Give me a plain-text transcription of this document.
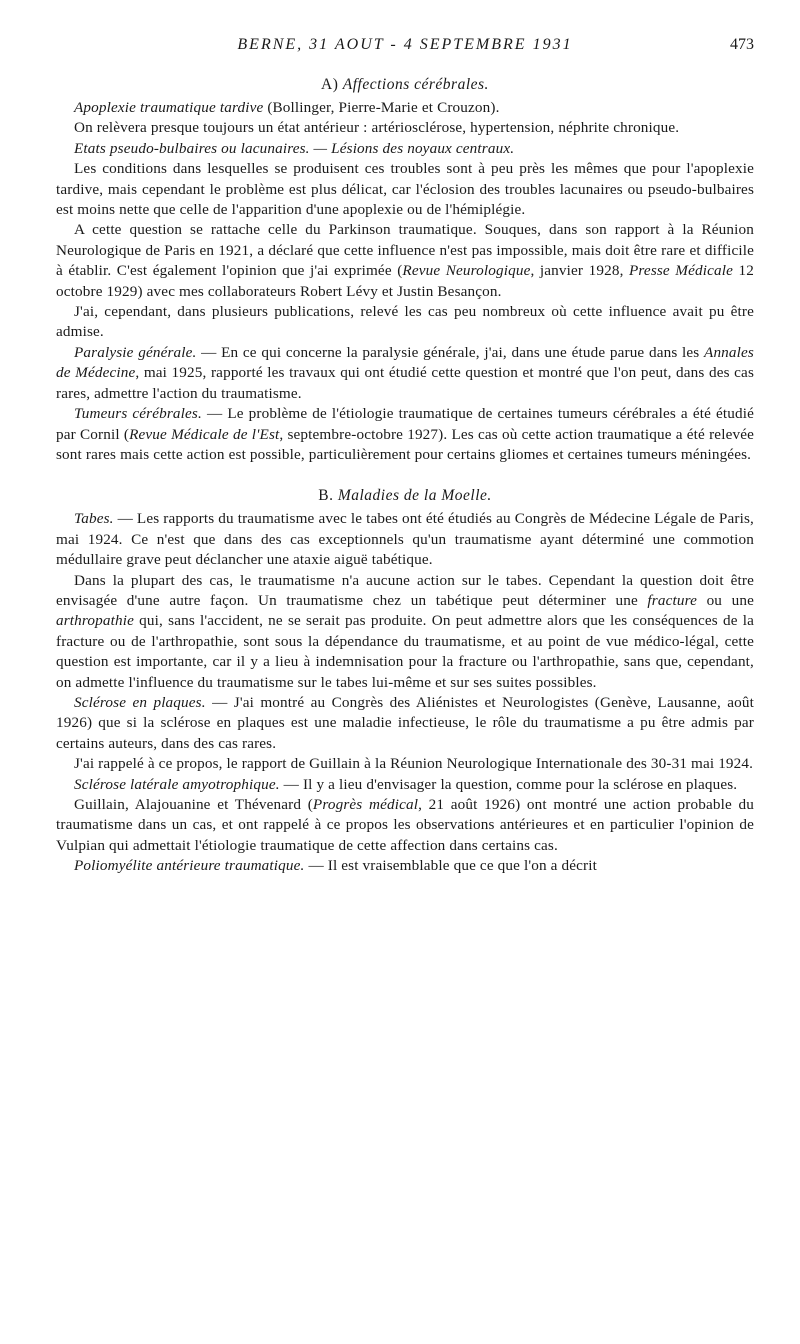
BERNE, 31 AOUT - 4 SEPTEMBRE 1931	473
A) Affections cérébrales.

Apoplexie traumatique tardive (Bollinger, Pierre-Marie et Crouzon).

On relèvera presque toujours un état antérieur : artériosclérose, hypertension, néphrite chronique.

Etats pseudo-bulbaires ou lacunaires. — Lésions des noyaux centraux.

Les conditions dans lesquelles se produisent ces troubles sont à peu près les mêmes que pour l'apoplexie tardive, mais cependant le problème est plus délicat, car l'éclosion des troubles lacunaires ou pseudo-bulbaires est moins nette que celle de l'apparition d'une apoplexie ou de l'hémiplégie.

A cette question se rattache celle du Parkinson traumatique. Souques, dans son rapport à la Réunion Neurologique de Paris en 1921, a déclaré que cette influence n'est pas impossible, mais doit être rare et difficile à établir. C'est également l'opinion que j'ai exprimée (Revue Neurologique, janvier 1928, Presse Médicale 12 octobre 1929) avec mes collaborateurs Robert Lévy et Justin Besançon.

J'ai, cependant, dans plusieurs publications, relevé les cas peu nombreux où cette influence avait pu être admise.

Paralysie générale. — En ce qui concerne la paralysie générale, j'ai, dans une étude parue dans les Annales de Médecine, mai 1925, rapporté les travaux qui ont étudié cette question et montré que l'on peut, dans des cas rares, admettre l'action du traumatisme.

Tumeurs cérébrales. — Le problème de l'étiologie traumatique de certaines tumeurs cérébrales a été étudié par Cornil (Revue Médicale de l'Est, septembre-octobre 1927). Les cas où cette action traumatique a été relevée sont rares mais cette action est possible, particulièrement pour certains gliomes et certaines tumeurs méningées.

B. Maladies de la Moelle.

Tabes. — Les rapports du traumatisme avec le tabes ont été étudiés au Congrès de Médecine Légale de Paris, mai 1924. Ce n'est que dans des cas exceptionnels qu'un traumatisme ayant déterminé une commotion médullaire grave peut déclancher une ataxie aiguë tabétique.

Dans la plupart des cas, le traumatisme n'a aucune action sur le tabes. Cependant la question doit être envisagée d'une autre façon. Un traumatisme chez un tabétique peut déterminer une fracture ou une arthropathie qui, sans l'accident, ne se serait pas produite. On peut admettre alors que les conséquences de la fracture ou de l'arthropathie, sont sous la dépendance du traumatisme, et au point de vue médico-légal, cette question est importante, car il y a lieu à indemnisation pour la fracture ou l'arthropathie, sans que, cependant, on admette l'influence du traumatisme sur le tabes lui-même et sur ses suites possibles.

Sclérose en plaques. — J'ai montré au Congrès des Aliénistes et Neurologistes (Genève, Lausanne, août 1926) que si la sclérose en plaques est une maladie infectieuse, le rôle du traumatisme a pu être admis par certains auteurs, dans des cas rares.

J'ai rappelé à ce propos, le rapport de Guillain à la Réunion Neurologique Internationale des 30-31 mai 1924.

Sclérose latérale amyotrophique. — Il y a lieu d'envisager la question, comme pour la sclérose en plaques.

Guillain, Alajouanine et Thévenard (Progrès médical, 21 août 1926) ont montré une action probable du traumatisme dans un cas, et ont rappelé à ce propos les observations antérieures et en particulier l'opinion de Vulpian qui admettait l'étiologie traumatique de cette affection dans certains cas.

Poliomyélite antérieure traumatique. — Il est vraisemblable que ce que l'on a décrit
